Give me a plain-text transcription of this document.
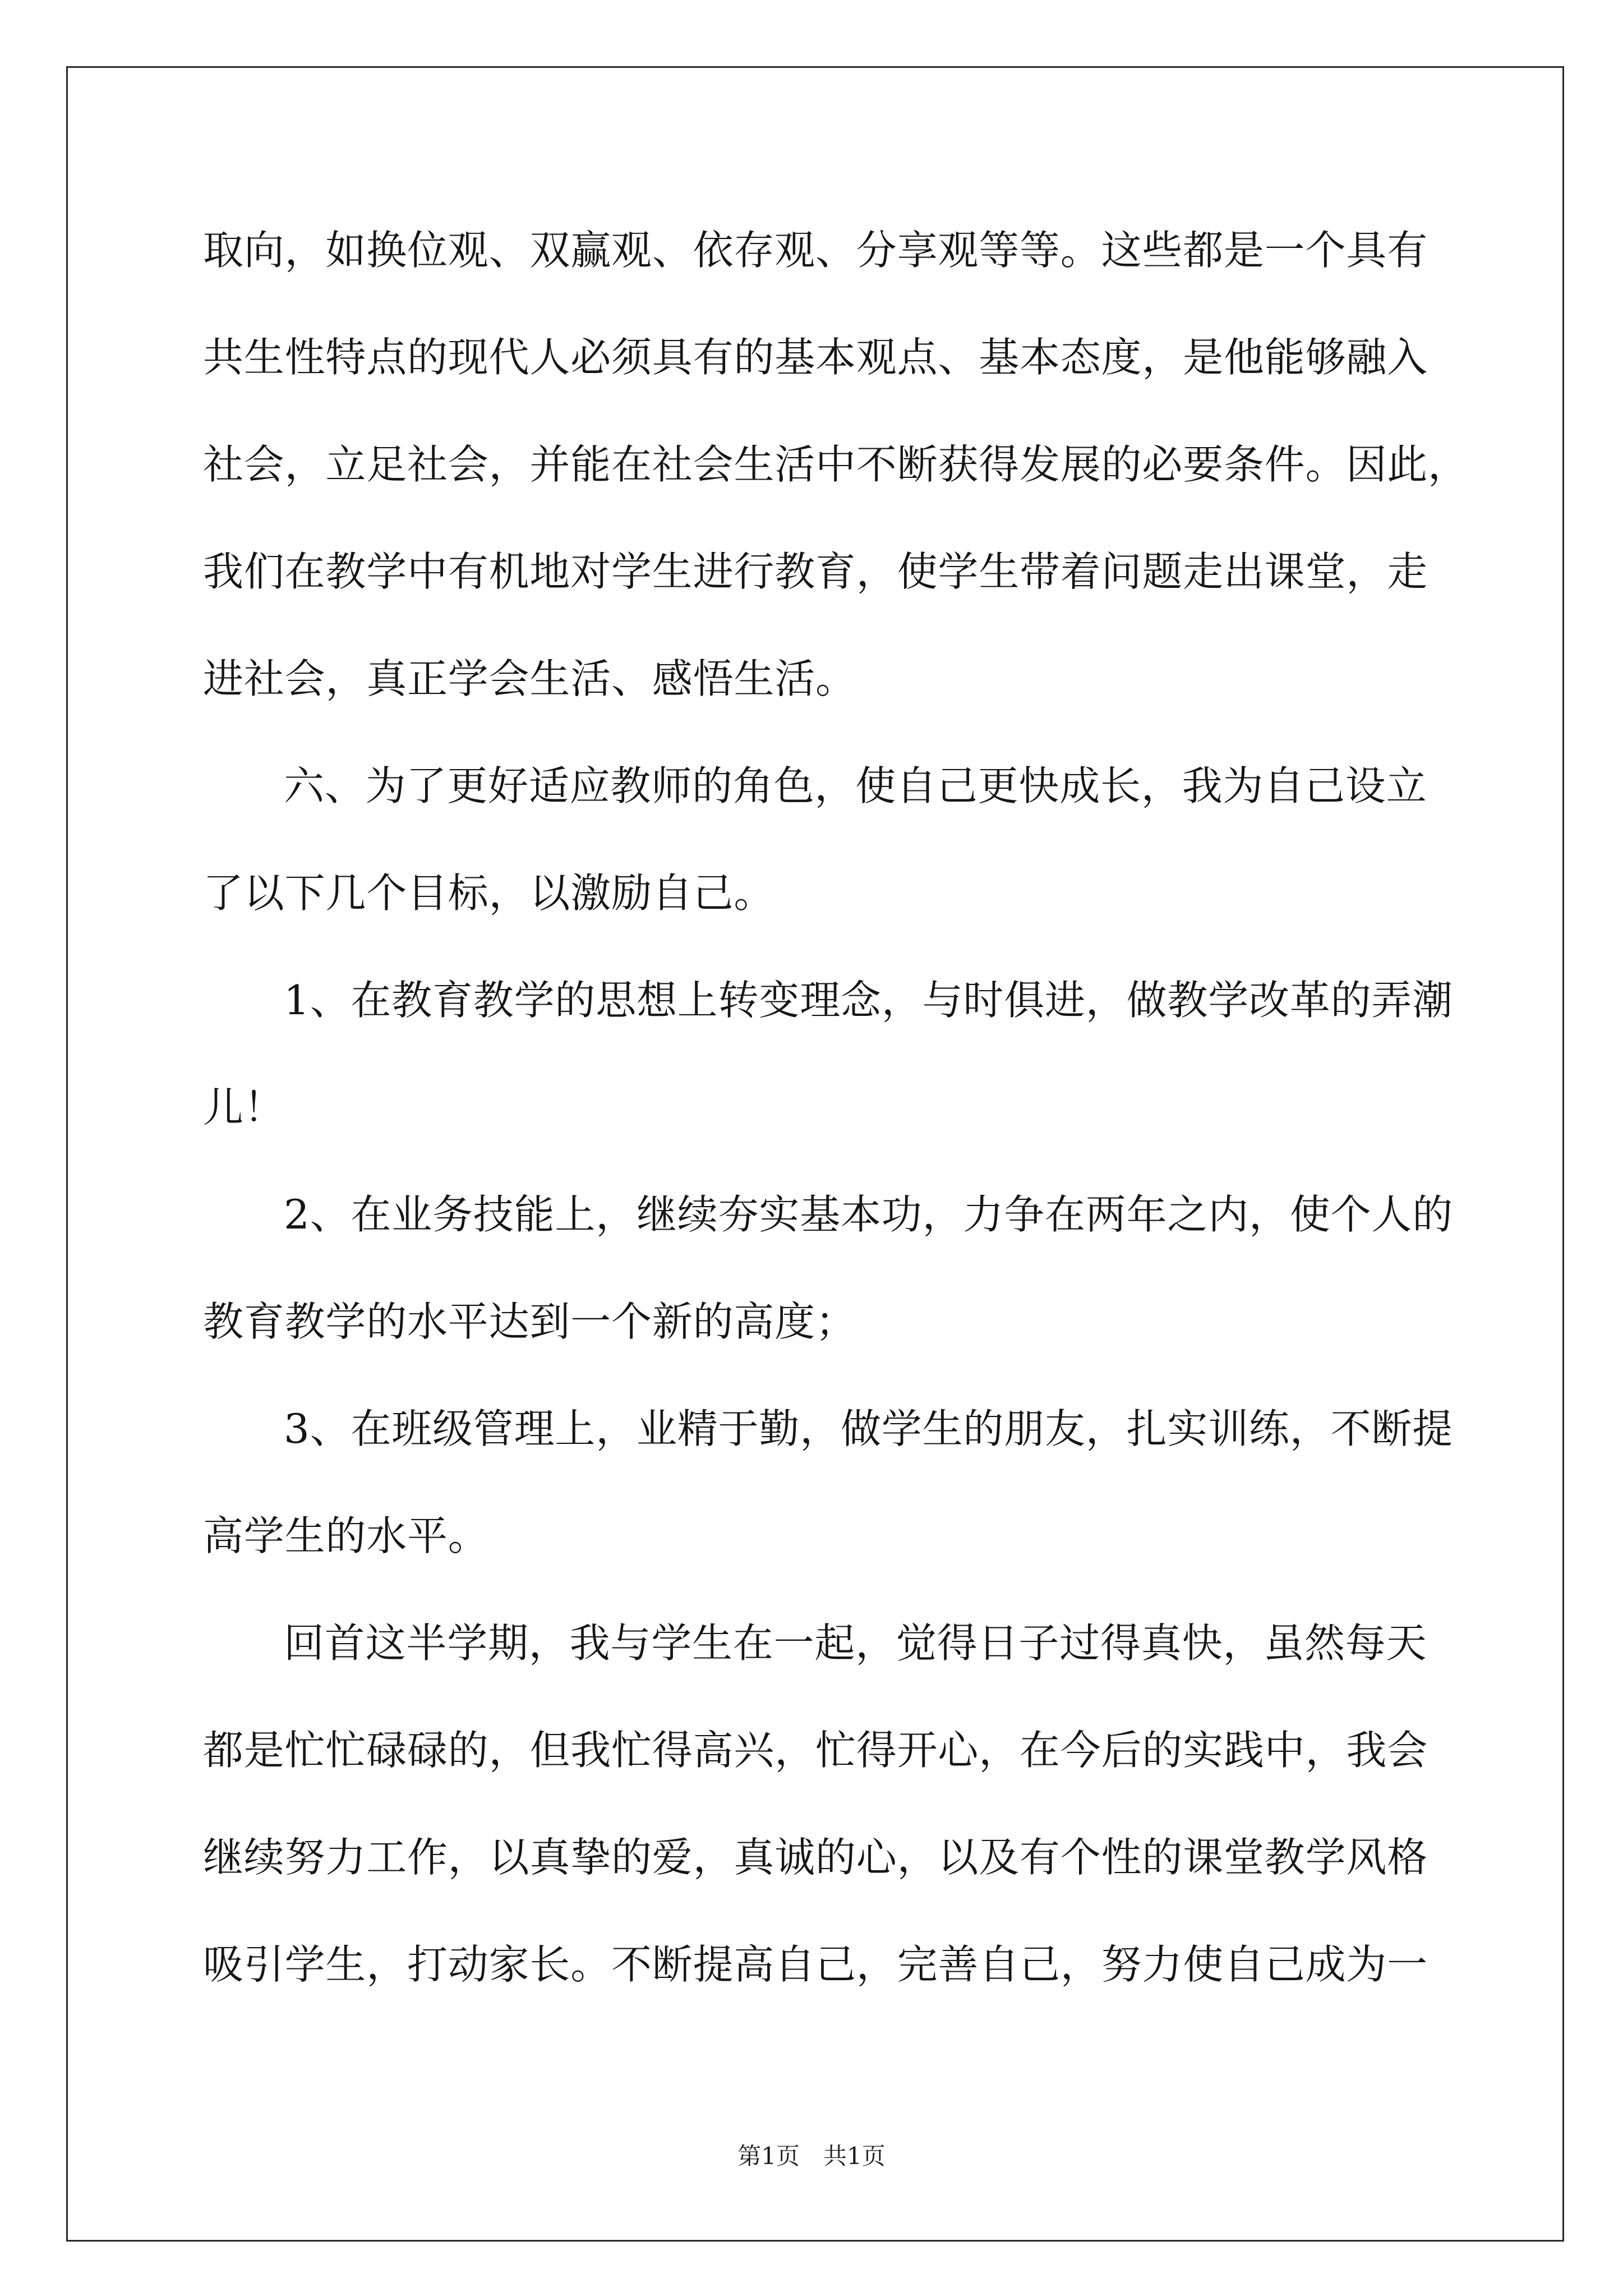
取向，如换位观、双赢观、依存观、分享观等等。这些都是一个具有
共生性特点的现代人必须具有的基本观点、基本态度，是他能够融入
社会，立足社会，并能在社会生活中不断获得发展的必要条件。因此，
我们在教学中有机地对学生进行教育，使学生带着问题走出课堂，走
进社会，真正学会生活、感悟生活。
六、为了更好适应教师的角色，使自己更快成长，我为自己设立
了以下几个目标，以激励自己。
1、在教育教学的思想上转变理念，与时俱进，做教学改革的弄潮
儿！
2、在业务技能上，继续夯实基本功，力争在两年之内，使个人的
教育教学的水平达到一个新的高度；
3、在班级管理上，业精于勤，做学生的朋友，扎实训练，不断提
高学生的水平。
回首这半学期，我与学生在一起，觉得日子过得真快，虽然每天
都是忙忙碌碌的，但我忙得高兴，忙得开心，在今后的实践中，我会
继续努力工作，以真挚的爱，真诚的心，以及有个性的课堂教学风格
吸引学生，打动家长。不断提高自己，完善自己，努力使自己成为一
第1页　共1页
